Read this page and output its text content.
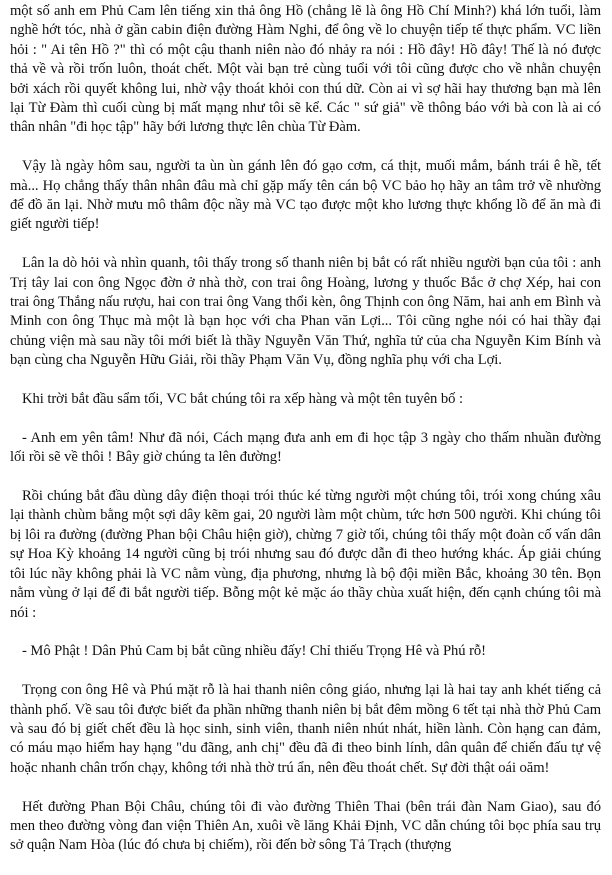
một số anh em Phủ Cam lên tiếng xin thả ông Hồ (chẳng lẽ là ông Hồ Chí Minh?) khá lớn tuổi, làm nghề hớt tóc, nhà ở gần cabin điện đường Hàm Nghi, để ông về lo chuyện tiếp tế thực phẩm. VC liền hỏi : " Ai tên Hồ ?" thì có một cậu thanh niên nào đó nhảy ra nói : Hồ đây! Hồ đây! Thế là nó được thả về và rồi trốn luôn, thoát chết. Một vài bạn trẻ cùng tuổi với tôi cũng được cho về nhằn chuyện bởi xách rồi quyết không lui, nhờ vậy thoát khỏi con thú dữ. Còn ai vì sợ hãi hay thương bạn mà lên lại Từ Đàm thì cuối cùng bị mất mạng như tôi sẽ kể. Các " sứ giả" về thông báo với bà con là ai có thân nhân "đi học tập" hãy bới lương thực lên chùa Từ Đàm.

Vậy là ngày hôm sau, người ta ùn ùn gánh lên đó gạo cơm, cá thịt, muối mắm, bánh trái ê hề, tết mà... Họ chẳng thấy thân nhân đâu mà chỉ gặp mấy tên cán bộ VC bảo họ hãy an tâm trở về nhường để đồ ăn lại. Nhờ mưu mô thâm độc nầy mà VC tạo được một kho lương thực khổng lồ để ăn mà đi giết người tiếp!

Lân la dò hỏi và nhìn quanh, tôi thấy trong số thanh niên bị bắt có rất nhiều người bạn của tôi : anh Trị tây lai con ông Ngọc đờn ở nhà thờ, con trai ông Hoàng, lương y thuốc Bắc ở chợ Xép, hai con trai ông Thắng nấu rượu, hai con trai ông Vang thổi kèn, ông Thịnh con ông Năm, hai anh em Bình và Minh con ông Thục mà một là bạn học với cha Phan văn Lợi... Tôi cũng nghe nói có hai thầy đại chủng viện mà sau nầy tôi mới biết là thầy Nguyễn Văn Thứ, nghĩa tử của cha Nguyễn Kim Bính và bạn cùng cha Nguyễn Hữu Giải, rồi thầy Phạm Văn Vụ, đồng nghĩa phụ với cha Lợi.

Khi trời bắt đầu sẩm tối, VC bắt chúng tôi ra xếp hàng và một tên tuyên bố :

- Anh em yên tâm! Như đã nói, Cách mạng đưa anh em đi học tập 3 ngày cho thấm nhuần đường lối rồi sẽ về thôi ! Bây giờ chúng ta lên đường!

Rồi chúng bắt đầu dùng dây điện thoại trói thúc ké từng người một chúng tôi, trói xong chúng xâu lại thành chùm bằng một sợi dây kẽm gai, 20 người làm một chùm, tức hơn 500 người. Khi chúng tôi bị lôi ra đường (đường Phan bội Châu hiện giờ), chừng 7 giờ tối, chúng tôi thấy một đoàn cố vấn dân sự Hoa Kỳ khoảng 14 người cũng bị trói nhưng sau đó được dẫn đi theo hướng khác. Áp giải chúng tôi lúc nầy không phải là VC nằm vùng, địa phương, nhưng là bộ đội miền Bắc, khoảng 30 tên. Bọn nằm vùng ở lại để đi bắt người tiếp. Bỗng một kẻ mặc áo thầy chùa xuất hiện, đến cạnh chúng tôi mà nói :

- Mô Phật ! Dân Phủ Cam bị bắt cũng nhiều đấy! Chỉ thiếu Trọng Hê và Phú rỗ!

Trọng con ông Hê và Phú mặt rỗ là hai thanh niên công giáo, nhưng lại là hai tay anh khét tiếng cả thành phố. Về sau tôi được biết đa phần những thanh niên bị bắt đêm mồng 6 tết tại nhà thờ Phủ Cam và sau đó bị giết chết đều là học sinh, sinh viên, thanh niên nhút nhát, hiền lành. Còn hạng can đảm, có máu mạo hiểm hay hạng "du đãng, anh chị" đều đã đi theo binh lính, dân quân để chiến đấu tự vệ hoặc nhanh chân trốn chạy, không tới nhà thờ trú ẩn, nên đều thoát chết. Sự đời thật oái oăm!

Hết đường Phan Bội Châu, chúng tôi đi vào đường Thiên Thai (bên trái đàn Nam Giao), sau đó men theo đường vòng đan viện Thiên An, xuôi về lăng Khải Định, VC dẫn chúng tôi bọc phía sau trụ sở quận Nam Hòa (lúc đó chưa bị chiếm), rồi đến bờ sông Tả Trạch (thượng
